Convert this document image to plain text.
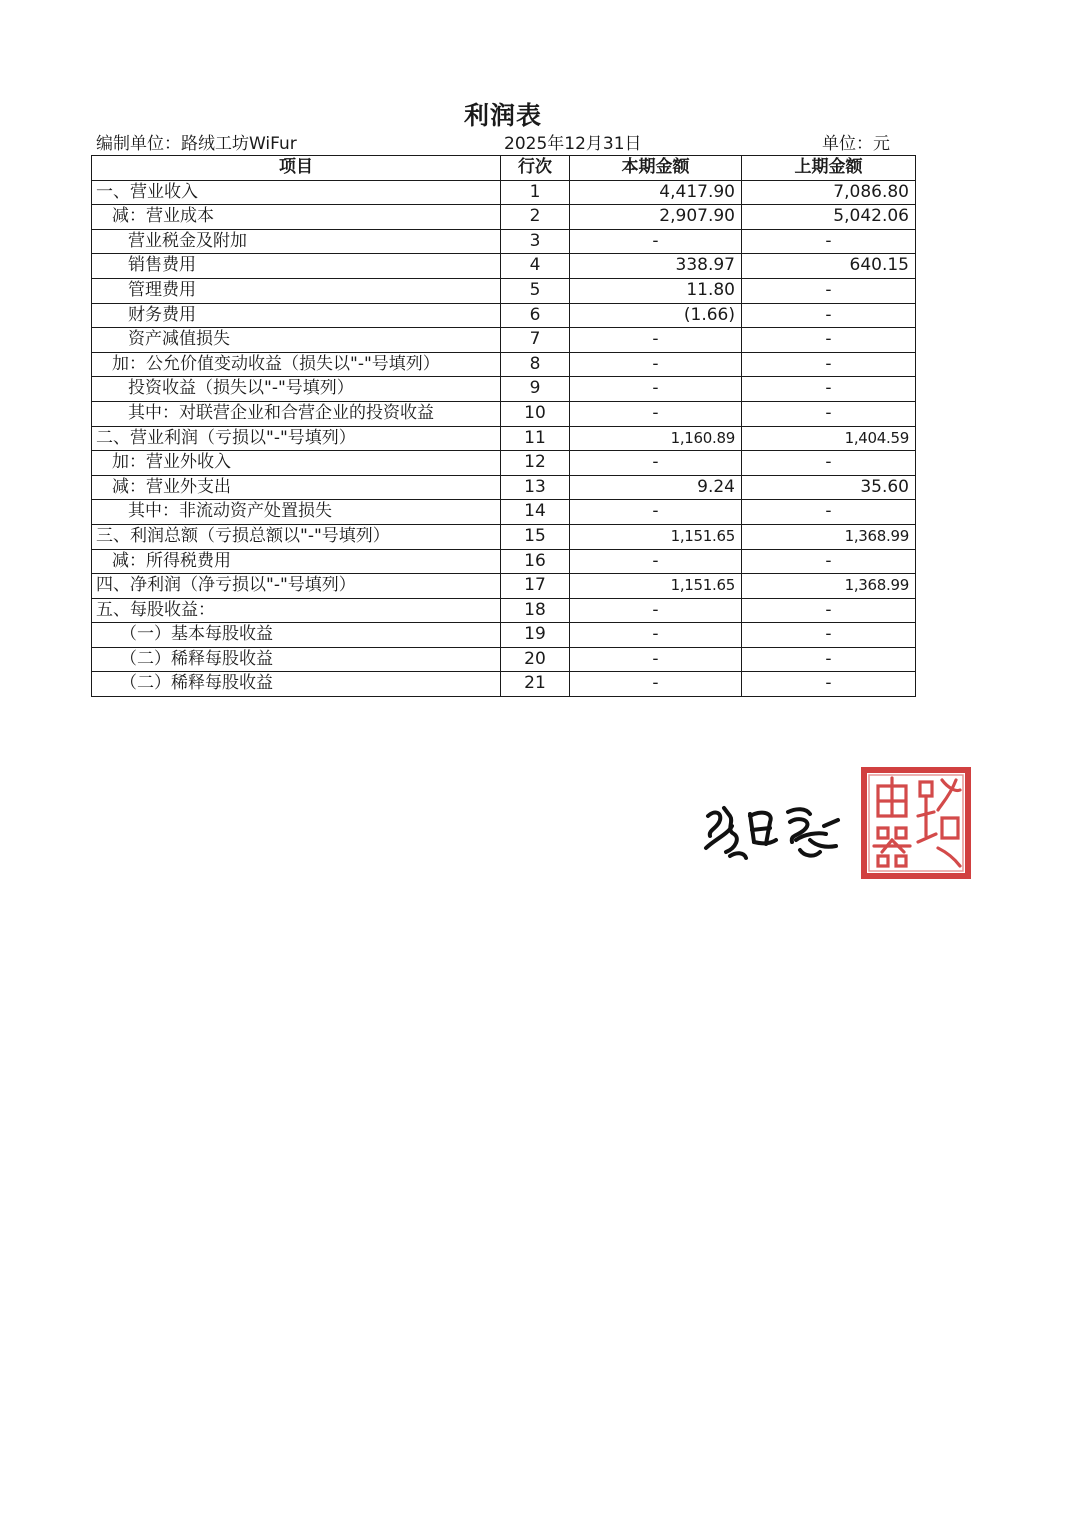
利润表
编制单位：路绒工坊WiFur	2025年12月31日	单位：元
项目	行次	本期金额	上期金额
一、营业收入	1	4,417.90	7,086.80
减：营业成本	2	2,907.90	5,042.06
营业税金及附加	3	-	-
销售费用	4	338.97	640.15
管理费用	5	11.80	-
财务费用	6	(1.66)	-
资产减值损失	7	-	-
加：公允价值变动收益（损失以"-"号填列）	8	-	-
投资收益（损失以"-"号填列）	9	-	-
其中：对联营企业和合营企业的投资收益	10	-	-
二、营业利润（亏损以"-"号填列）	11	1,160.89	1,404.59
加：营业外收入	12	-	-
减：营业外支出	13	9.24	35.60
其中：非流动资产处置损失	14	-	-
三、利润总额（亏损总额以"-"号填列）	15	1,151.65	1,368.99
减：所得税费用	16	-	-
四、净利润（净亏损以"-"号填列）	17	1,151.65	1,368.99
五、每股收益：	18	-	-
（一）基本每股收益	19	-	-
（二）稀释每股收益	20	-	-
（二）稀释每股收益	21	-	-
